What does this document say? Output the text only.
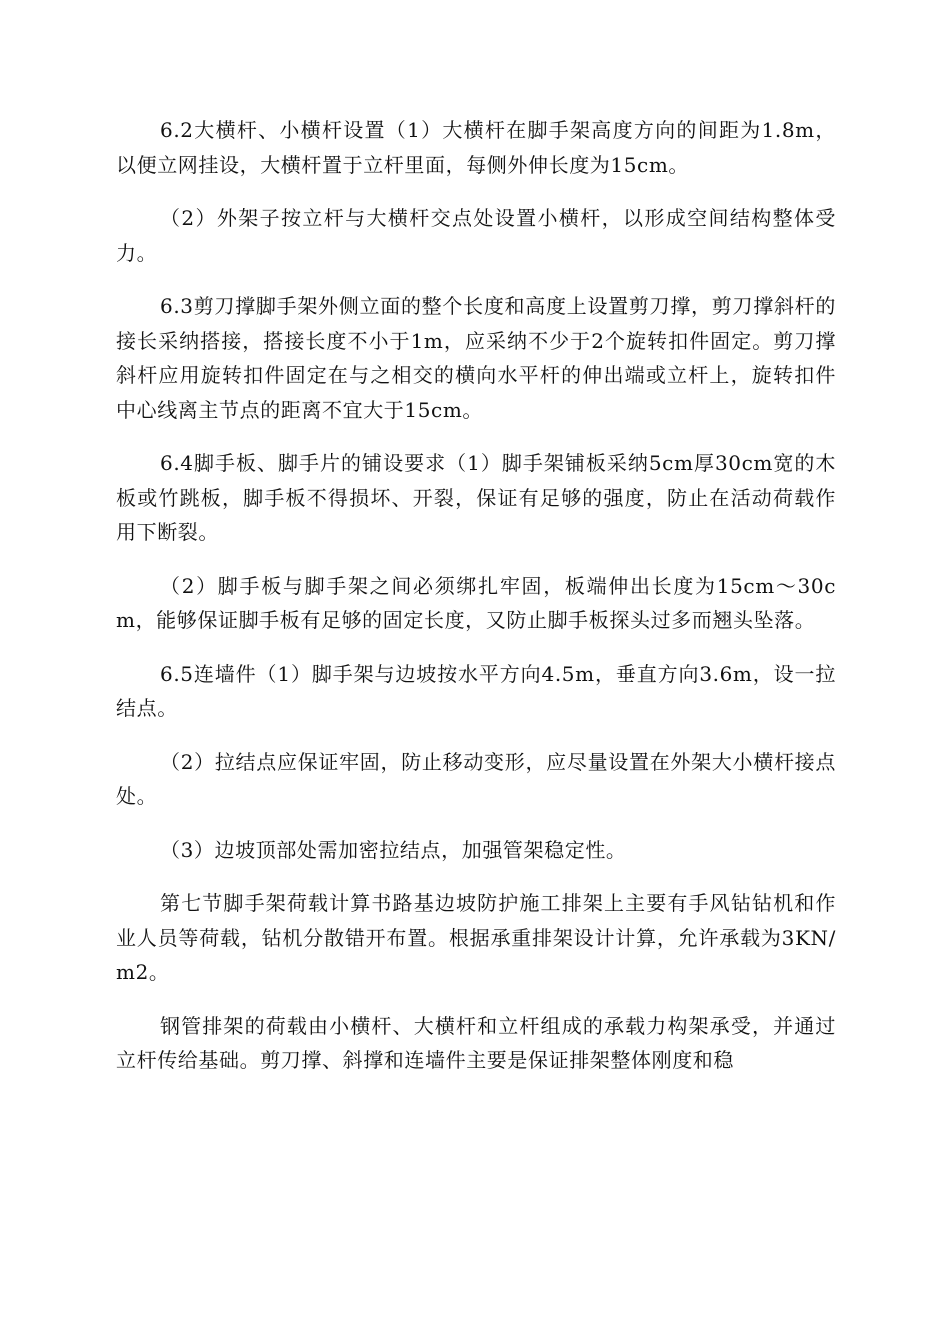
6.2大横杆、小横杆设置（1）大横杆在脚手架高度方向的间距为1.8m，以便立网挂设，大横杆置于立杆里面，每侧外伸长度为15cm。

（2）外架子按立杆与大横杆交点处设置小横杆，以形成空间结构整体受力。

6.3剪刀撑脚手架外侧立面的整个长度和高度上设置剪刀撑，剪刀撑斜杆的接长采纳搭接，搭接长度不小于1m，应采纳不少于2个旋转扣件固定。剪刀撑斜杆应用旋转扣件固定在与之相交的横向水平杆的伸出端或立杆上，旋转扣件中心线离主节点的距离不宜大于15cm。

6.4脚手板、脚手片的铺设要求（1）脚手架铺板采纳5cm厚30cm宽的木板或竹跳板，脚手板不得损坏、开裂，保证有足够的强度，防止在活动荷载作用下断裂。

（2）脚手板与脚手架之间必须绑扎牢固，板端伸出长度为15cm～30cm，能够保证脚手板有足够的固定长度，又防止脚手板探头过多而翘头坠落。

6.5连墙件（1）脚手架与边坡按水平方向4.5m，垂直方向3.6m，设一拉结点。

（2）拉结点应保证牢固，防止移动变形，应尽量设置在外架大小横杆接点处。

（3）边坡顶部处需加密拉结点，加强管架稳定性。

第七节脚手架荷载计算书路基边坡防护施工排架上主要有手风钻钻机和作业人员等荷载，钻机分散错开布置。根据承重排架设计计算，允许承载为3KN/m2。

钢管排架的荷载由小横杆、大横杆和立杆组成的承载力构架承受，并通过立杆传给基础。剪刀撑、斜撑和连墙件主要是保证排架整体刚度和稳
